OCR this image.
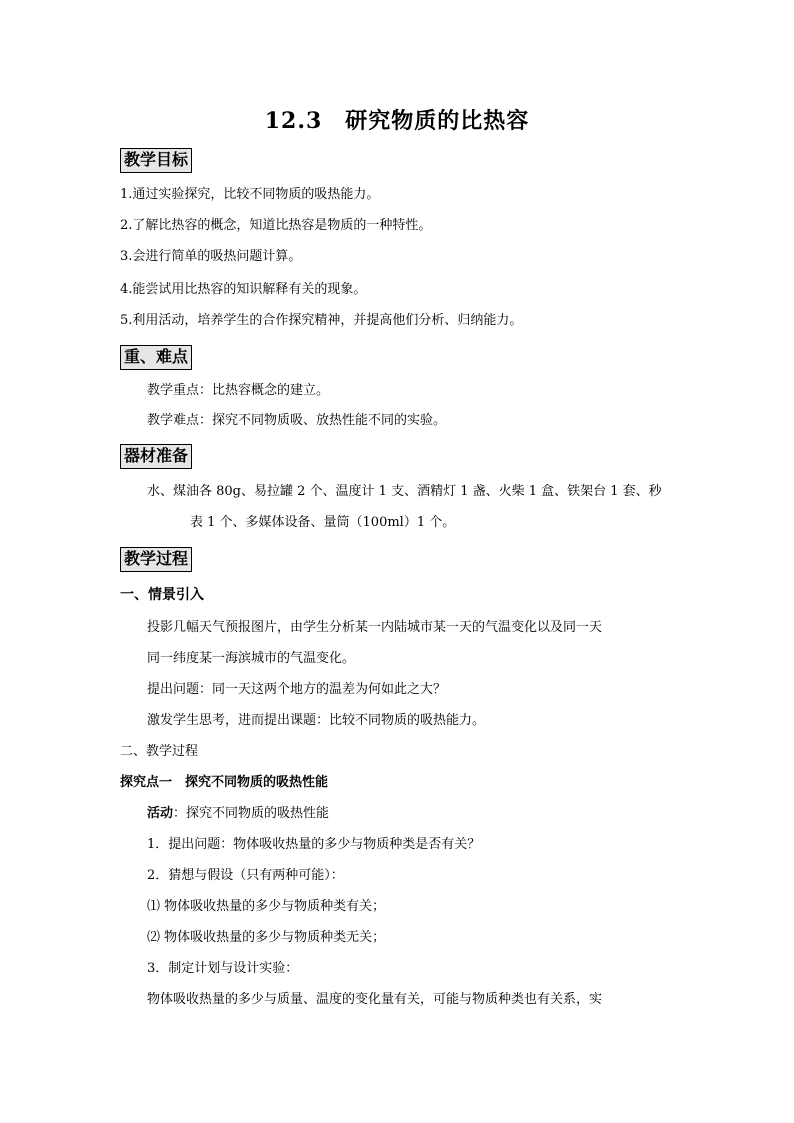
12.3　研究物质的比热容
教学目标
1.通过实验探究，比较不同物质的吸热能力。
2.了解比热容的概念，知道比热容是物质的一种特性。
3.会进行简单的吸热问题计算。
4.能尝试用比热容的知识解释有关的现象。
5.利用活动，培养学生的合作探究精神，并提高他们分析、归纳能力。
重、难点
教学重点：比热容概念的建立。
教学难点：探究不同物质吸、放热性能不同的实验。
器材准备
水、煤油各 80g、易拉罐 2 个、温度计 1 支、酒精灯 1 盏、火柴 1 盒、铁架台 1 套、秒
表 1 个、多媒体设备、量筒（100ml）1 个。
教学过程
一、情景引入
投影几幅天气预报图片，由学生分析某一内陆城市某一天的气温变化以及同一天
同一纬度某一海滨城市的气温变化。
提出问题：同一天这两个地方的温差为何如此之大？
激发学生思考，进而提出课题：比较不同物质的吸热能力。
二、教学过程
探究点一　探究不同物质的吸热性能
活动：探究不同物质的吸热性能
1．提出问题：物体吸收热量的多少与物质种类是否有关？
2．猜想与假设（只有两种可能）：
⑴ 物体吸收热量的多少与物质种类有关；
⑵ 物体吸收热量的多少与物质种类无关；
3．制定计划与设计实验：
物体吸收热量的多少与质量、温度的变化量有关，可能与物质种类也有关系，实
